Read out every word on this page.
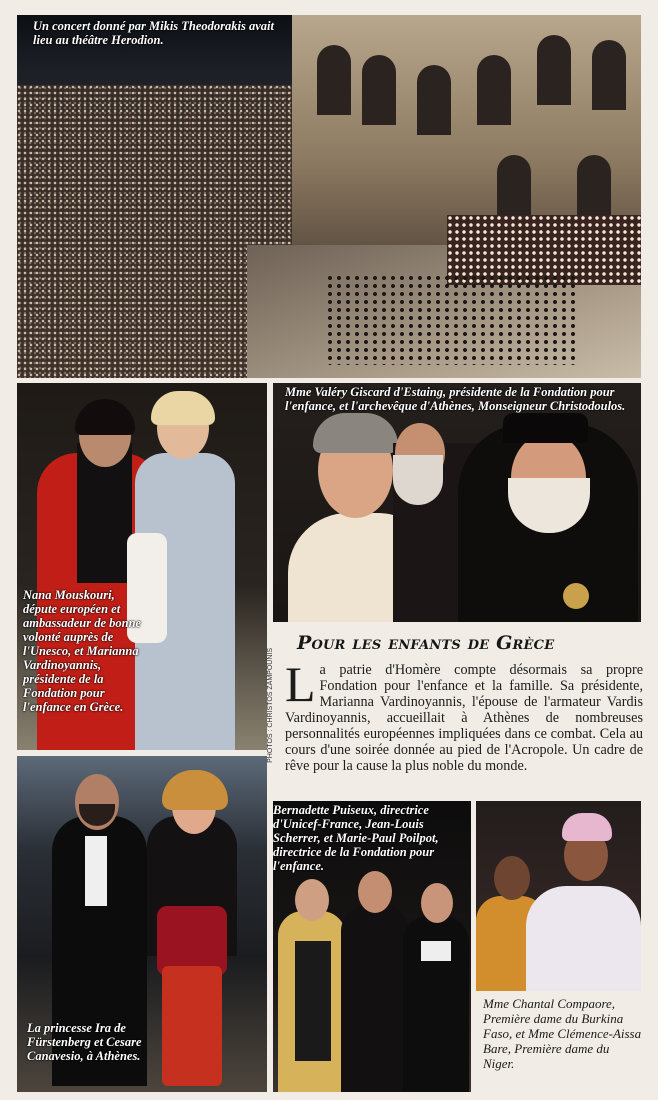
Un concert donné par Mikis Theodorakis avait lieu au théâtre Herodion.
Nana Mouskouri, députe européen et ambassadeur de bonne volonté auprès de l'Unesco, et Marianna Vardinoyannis, présidente de la Fondation pour l'enfance en Grèce.
Mme Valéry Giscard d'Estaing, présidente de la Fondation pour l'enfance, et l'archevêque d'Athènes, Monseigneur Christodoulos.
PHOTOS : CHRISTOS ZAMPOUNIS
Pour les enfants de Grèce

La patrie d'Homère compte désormais sa propre Fondation pour l'enfance et la famille. Sa présidente, Marianna Vardinoyannis, l'épouse de l'armateur Vardis Vardinoyannis, accueillait à Athènes de nombreuses personnalités européennes impliquées dans ce combat. Cela au cours d'une soirée donnée au pied de l'Acropole. Un cadre de rêve pour la cause la plus noble du monde.

La princesse Ira de Fürstenberg et Cesare Canavesio, à Athènes.
Bernadette Puiseux, directrice d'Unicef-France, Jean-Louis Scherrer, et Marie-Paul Poilpot, directrice de la Fondation pour l'enfance.
Mme Chantal Compaore, Première dame du Burkina Faso, et Mme Clémence-Aissa Bare, Première dame du Niger.
